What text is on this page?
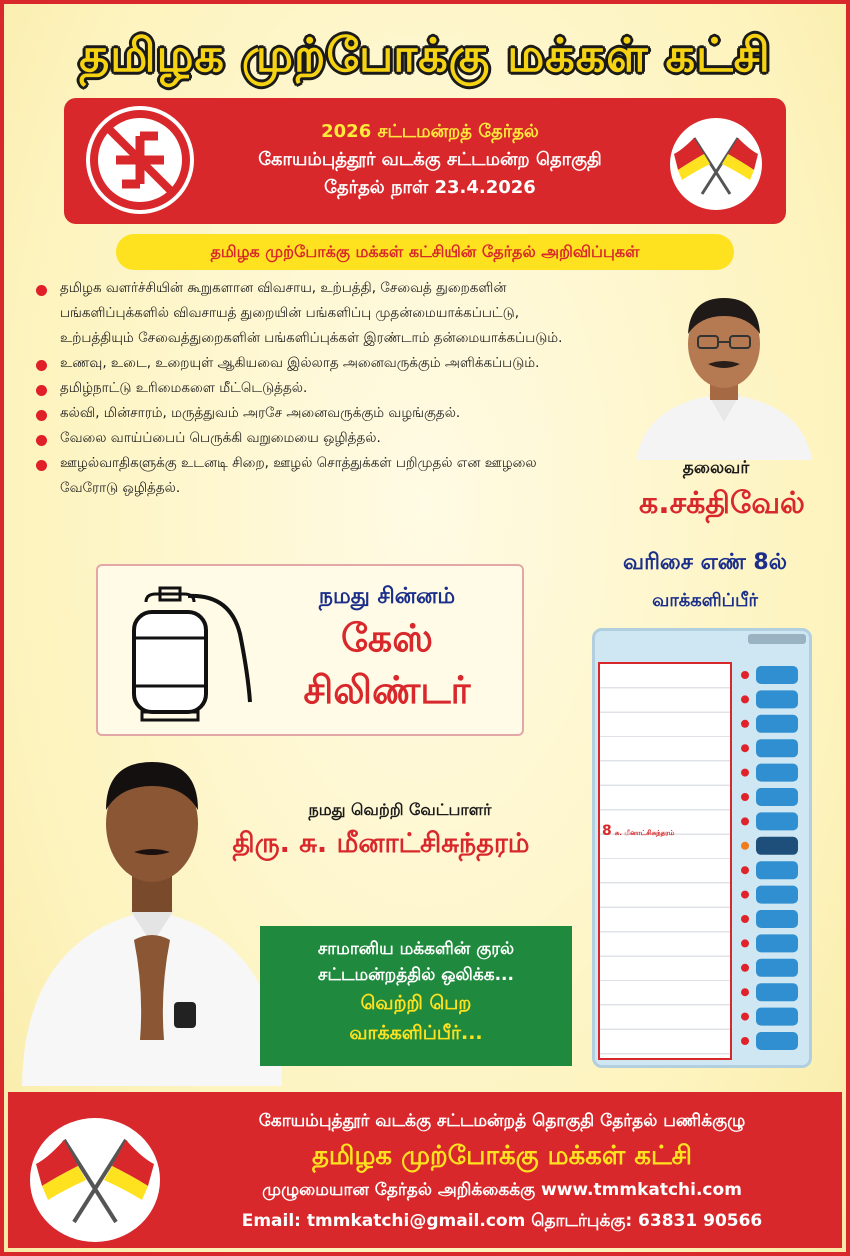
தமிழக முற்போக்கு மக்கள் கட்சி
2026 சட்டமன்றத் தேர்தல்
கோயம்புத்தூர் வடக்கு சட்டமன்ற தொகுதி
தேர்தல் நாள் 23.4.2026
தமிழக முற்போக்கு மக்கள் கட்சியின் தேர்தல் அறிவிப்புகள்
தமிழக வளர்ச்சியின் கூறுகளான விவசாய, உற்பத்தி, சேவைத் துறைகளின் பங்களிப்புக்களில் விவசாயத் துறையின் பங்களிப்பு முதன்மையாக்கப்பட்டு, உற்பத்தியும் சேவைத்துறைகளின் பங்களிப்புக்கள் இரண்டாம் தன்மையாக்கப்படும்.
உணவு, உடை, உறையுள் ஆகியவை இல்லாத அனைவருக்கும் அளிக்கப்படும்.
தமிழ்நாட்டு உரிமைகளை மீட்டெடுத்தல்.
கல்வி, மின்சாரம், மருத்துவம் அரசே அனைவருக்கும் வழங்குதல்.
வேலை வாய்ப்பைப் பெருக்கி வறுமையை ஒழித்தல்.
ஊழல்வாதிகளுக்கு உடனடி சிறை, ஊழல் சொத்துக்கள் பறிமுதல் என ஊழலை வேரோடு ஒழித்தல்.
தலைவர்
க.சக்திவேல்
வரிசை எண் 8ல்
வாக்களிப்பீர்
நமது சின்னம்
கேஸ்
சிலிண்டர்
நமது வெற்றி வேட்பாளர்
திரு. சு. மீனாட்சிசுந்தரம்
சாமானிய மக்களின் குரல்
சட்டமன்றத்தில் ஒலிக்க...
வெற்றி பெற
வாக்களிப்பீர்...
8 சு. மீனாட்சிசுந்தரம்
கோயம்புத்தூர் வடக்கு சட்டமன்றத் தொகுதி தேர்தல் பணிக்குழு
தமிழக முற்போக்கு மக்கள் கட்சி
முழுமையான தேர்தல் அறிக்கைக்கு www.tmmkatchi.com
Email: tmmkatchi@gmail.com தொடர்புக்கு: 63831 90566
